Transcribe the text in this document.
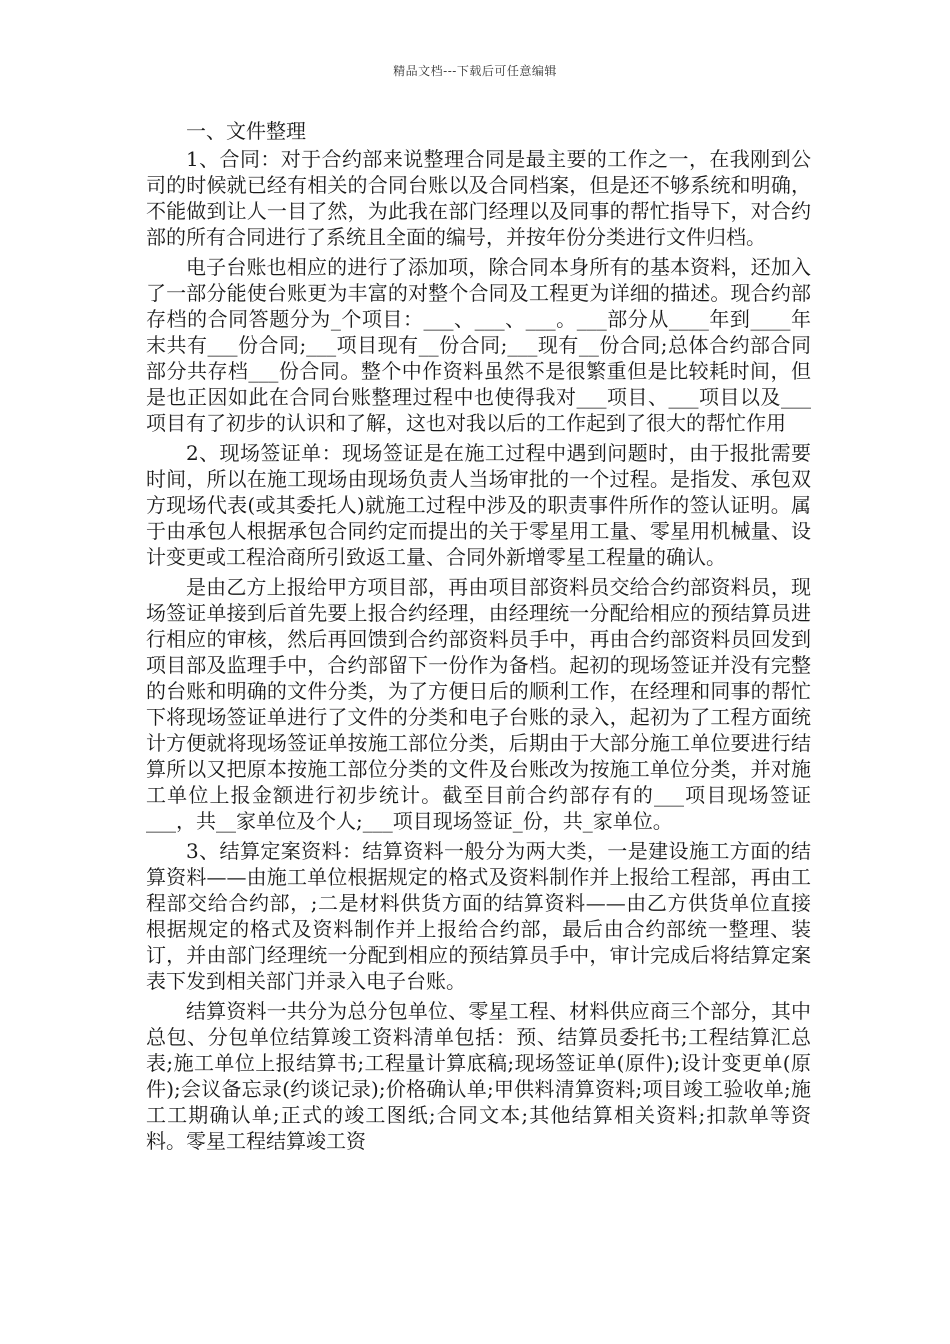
精品文档---下载后可任意编辑
一、文件整理

1、合同：对于合约部来说整理合同是最主要的工作之一，在我刚到公司的时候就已经有相关的合同台账以及合同档案，但是还不够系统和明确，不能做到让人一目了然，为此我在部门经理以及同事的帮忙指导下，对合约部的所有合同进行了系统且全面的编号，并按年份分类进行文件归档。

电子台账也相应的进行了添加项，除合同本身所有的基本资料，还加入了一部分能使台账更为丰富的对整个合同及工程更为详细的描述。现合约部存档的合同答题分为_个项目：___、___、___。___部分从____年到____年末共有___份合同;___项目现有__份合同;___现有__份合同;总体合约部合同部分共存档___份合同。整个中作资料虽然不是很繁重但是比较耗时间，但是也正因如此在合同台账整理过程中也使得我对___项目、___项目以及___项目有了初步的认识和了解，这也对我以后的工作起到了很大的帮忙作用

2、现场签证单：现场签证是在施工过程中遇到问题时，由于报批需要时间，所以在施工现场由现场负责人当场审批的一个过程。是指发、承包双方现场代表(或其委托人)就施工过程中涉及的职责事件所作的签认证明。属于由承包人根据承包合同约定而提出的关于零星用工量、零星用机械量、设计变更或工程洽商所引致返工量、合同外新增零星工程量的确认。

是由乙方上报给甲方项目部，再由项目部资料员交给合约部资料员，现场签证单接到后首先要上报合约经理，由经理统一分配给相应的预结算员进行相应的审核，然后再回馈到合约部资料员手中，再由合约部资料员回发到项目部及监理手中，合约部留下一份作为备档。起初的现场签证并没有完整的台账和明确的文件分类，为了方便日后的顺利工作，在经理和同事的帮忙下将现场签证单进行了文件的分类和电子台账的录入，起初为了工程方面统计方便就将现场签证单按施工部位分类，后期由于大部分施工单位要进行结算所以又把原本按施工部位分类的文件及台账改为按施工单位分类，并对施工单位上报金额进行初步统计。截至目前合约部存有的___项目现场签证___，共__家单位及个人;___项目现场签证_份，共_家单位。

3、结算定案资料：结算资料一般分为两大类，一是建设施工方面的结算资料——由施工单位根据规定的格式及资料制作并上报给工程部，再由工程部交给合约部，;二是材料供货方面的结算资料——由乙方供货单位直接根据规定的格式及资料制作并上报给合约部，最后由合约部统一整理、装订，并由部门经理统一分配到相应的预结算员手中，审计完成后将结算定案表下发到相关部门并录入电子台账。

结算资料一共分为总分包单位、零星工程、材料供应商三个部分，其中总包、分包单位结算竣工资料清单包括：预、结算员委托书;工程结算汇总表;施工单位上报结算书;工程量计算底稿;现场签证单(原件);设计变更单(原件);会议备忘录(约谈记录);价格确认单;甲供料清算资料;项目竣工验收单;施工工期确认单;正式的竣工图纸;合同文本;其他结算相关资料;扣款单等资料。零星工程结算竣工资
